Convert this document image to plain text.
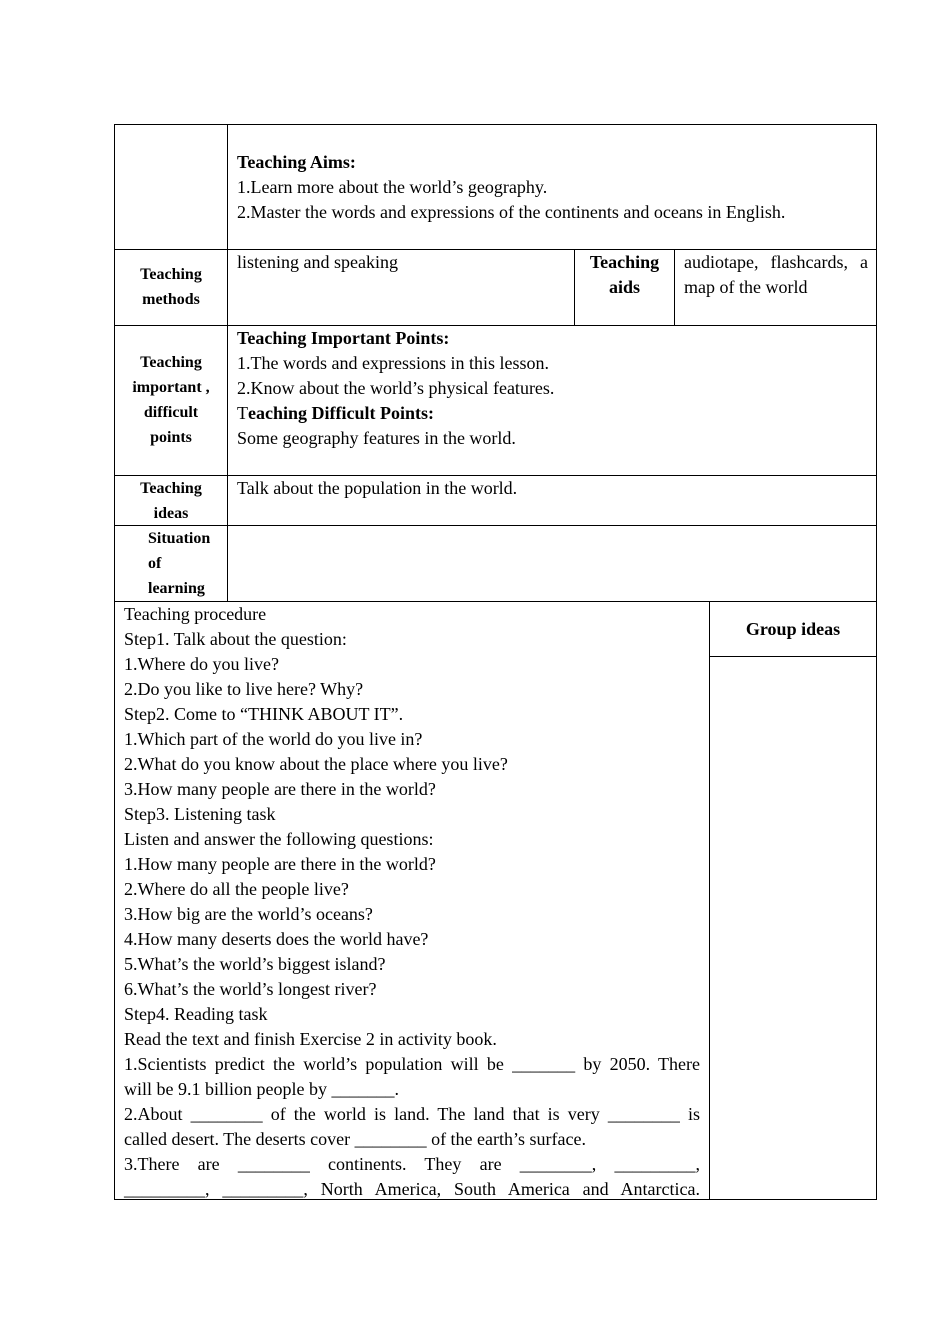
Teaching Aims:
1.Learn more about the world’s geography.
2.Master the words and expressions of the continents and oceans in English.
Teaching
methods
listening and speaking	Teaching
aids
audiotape, flashcards, a
map of the world
Teaching
important ,
difficult
points
Teaching Important Points:
1.The words and expressions in this lesson.
2.Know about the world’s physical features.
Teaching Difficult Points:
Some geography features in the world.
Teaching
ideas
Talk about the population in the world.
Situation
of
learning
Group ideas
Teaching procedure
Step1. Talk about the question:
1.Where do you live?
2.Do you like to live here? Why?
Step2. Come to “THINK ABOUT IT”.
1.Which part of the world do you live in?
2.What do you know about the place where you live?
3.How many people are there in the world?
Step3. Listening task
Listen and answer the following questions:
1.How many people are there in the world?
2.Where do all the people live?
3.How big are the world’s oceans?
4.How many deserts does the world have?
5.What’s the world’s biggest island?
6.What’s the world’s longest river?
Step4. Reading task
Read the text and finish Exercise 2 in activity book.
1.Scientists predict the world’s population will be _______ by 2050. There
will be 9.1 billion people by _______.
2.About ________ of the world is land. The land that is very ________ is
called desert. The deserts cover ________ of the earth’s surface.
3.There are ________ continents. They are ________, _________,
_________, _________, North America, South America and Antarctica.
